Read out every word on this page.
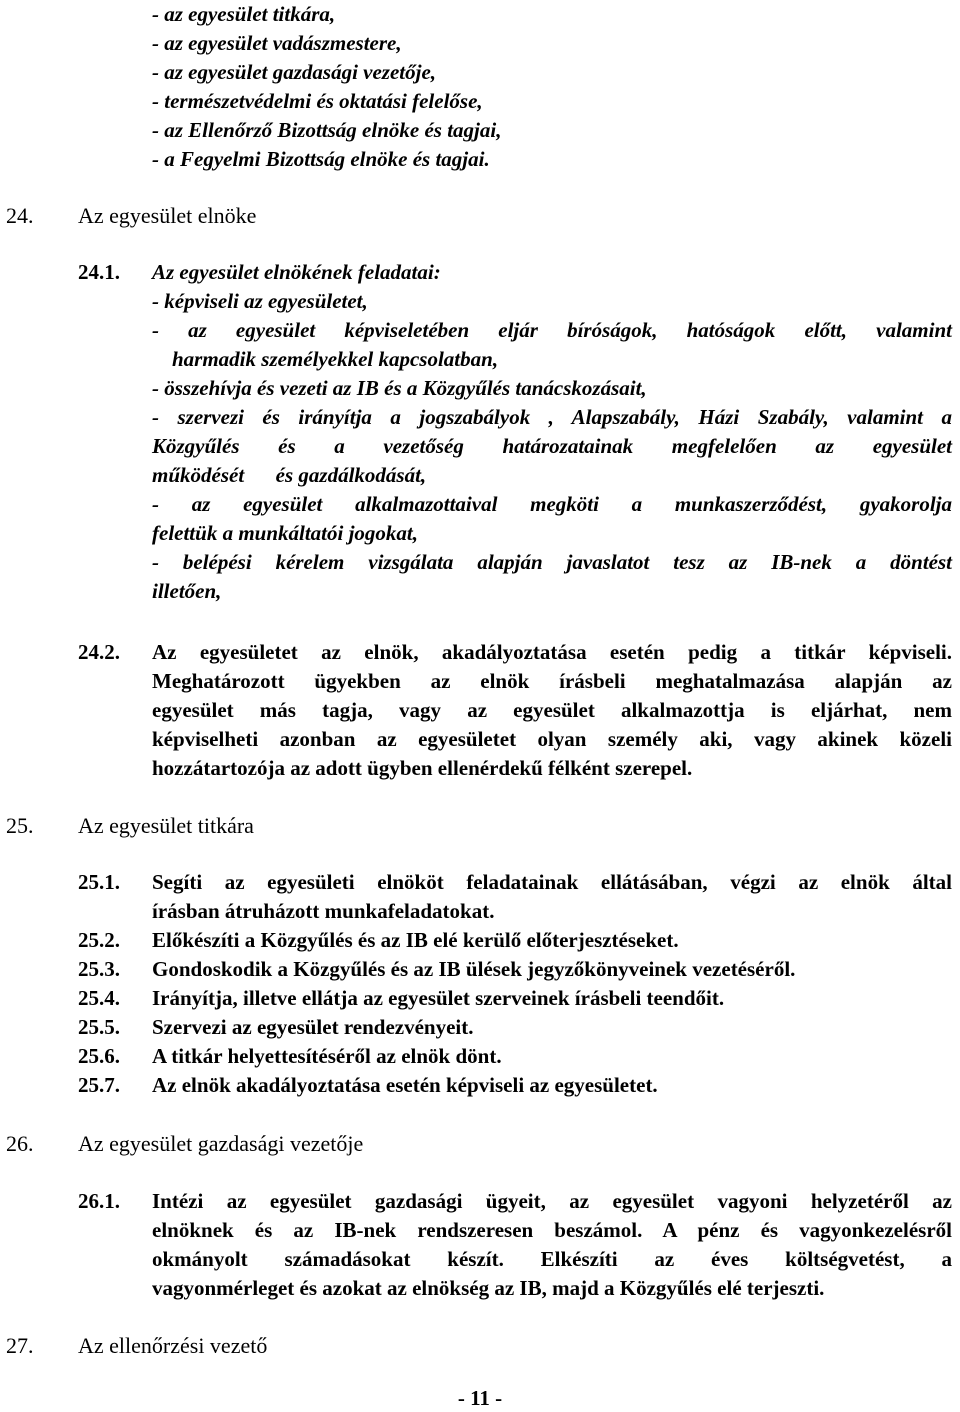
- az egyesület titkára,
- az egyesület vadászmestere,
- az egyesület gazdasági vezetője,
- természetvédelmi és oktatási felelőse,
- az Ellenőrző Bizottság elnöke és tagjai,
- a Fegyelmi Bizottság elnöke és tagjai.
24. Az egyesület elnöke
24.1. Az egyesület elnökének feladatai:
- képviseli az egyesületet,
- az egyesület képviseletében eljár bíróságok, hatóságok előtt, valamint
harmadik személyekkel kapcsolatban,
- összehívja és vezeti az IB és a Közgyűlés tanácskozásait,
- szervezi és irányítja a jogszabályok , Alapszabály, Házi Szabály, valamint a
Közgyűlés és a vezetőség határozatainak megfelelően az egyesület
működését      és gazdálkodását,
- az egyesület alkalmazottaival megköti a munkaszerződést, gyakorolja
felettük a munkáltatói jogokat,
- belépési kérelem vizsgálata alapján javaslatot tesz az IB-nek a döntést
illetően,
24.2. Az egyesületet az elnök, akadályoztatása esetén pedig a titkár képviseli.
Meghatározott ügyekben az elnök írásbeli meghatalmazása alapján az
egyesület más tagja, vagy az egyesület alkalmazottja is eljárhat, nem
képviselheti azonban az egyesületet olyan személy aki, vagy akinek közeli
hozzátartozója az adott ügyben ellenérdekű félként szerepel.
25. Az egyesület titkára
25.1. Segíti az egyesületi elnököt feladatainak ellátásában, végzi az elnök által
írásban átruházott munkafeladatokat.
25.2. Előkészíti a Közgyűlés és az IB elé kerülő előterjesztéseket.
25.3. Gondoskodik a Közgyűlés és az IB ülések jegyzőkönyveinek vezetéséről.
25.4. Irányítja, illetve ellátja az egyesület szerveinek írásbeli teendőit.
25.5. Szervezi az egyesület rendezvényeit.
25.6. A titkár helyettesítéséről az elnök dönt.
25.7. Az elnök akadályoztatása esetén képviseli az egyesületet.
26. Az egyesület gazdasági vezetője
26.1. Intézi az egyesület gazdasági ügyeit, az egyesület vagyoni helyzetéről az
elnöknek és az IB-nek rendszeresen beszámol. A pénz és vagyonkezelésről
okmányolt számadásokat készít. Elkészíti az éves költségvetést, a
vagyonmérleget és azokat az elnökség az IB, majd a Közgyűlés elé terjeszti.
27. Az ellenőrzési vezető
- 11 -
